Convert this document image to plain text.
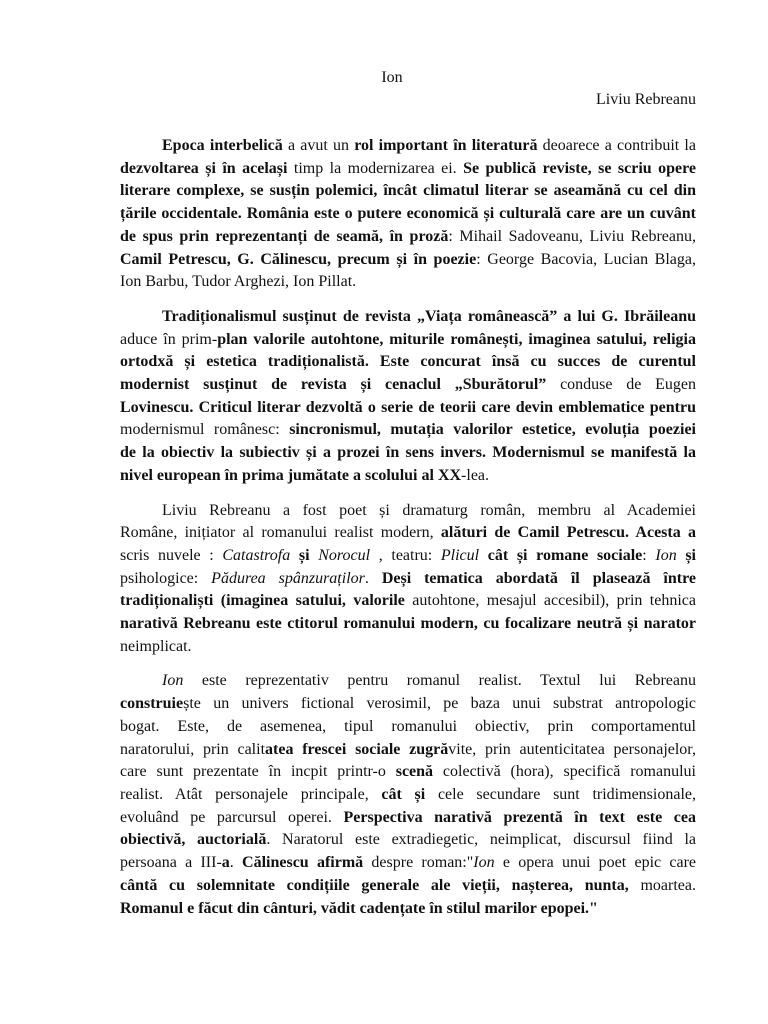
Ion
Liviu Rebreanu
Epoca interbelică a avut un rol important în literatură deoarece a contribuit la
dezvoltarea și în același timp la modernizarea ei. Se publică reviste, se scriu opere
literare complexe, se susțin polemici, încât climatul literar se aseamănă cu cel din
țările occidentale. România este o putere economică și culturală care are un cuvânt
de spus prin reprezentanți de seamă, în proză: Mihail Sadoveanu, Liviu Rebreanu,
Camil Petrescu, G. Călinescu, precum și în poezie: George Bacovia, Lucian Blaga,
Ion Barbu, Tudor Arghezi, Ion Pillat.
Tradiționalismul susținut de revista „Viața românească” a lui G. Ibrăileanu
aduce în prim-plan valorile autohtone, miturile românești, imaginea satului, religia
ortodxă și estetica tradiționalistă. Este concurat însă cu succes de curentul
modernist susținut de revista și cenaclul „Sburătorul” conduse de Eugen
Lovinescu. Criticul literar dezvoltă o serie de teorii care devin emblematice pentru
modernismul românesc: sincronismul, mutația valorilor estetice, evoluția poeziei
de la obiectiv la subiectiv și a prozei în sens invers. Modernismul se manifestă la
nivel european în prima jumătate a scolului al XX-lea.
Liviu Rebreanu a fost poet și dramaturg român, membru al Academiei
Române, inițiator al romanului realist modern, alături de Camil Petrescu. Acesta a
scris nuvele : Catastrofa și Norocul , teatru: Plicul cât și romane sociale: Ion și
psihologice: Pădurea spânzuraților. Deși tematica abordată îl plasează între
tradiționaliști (imaginea satului, valorile autohtone, mesajul accesibil), prin tehnica
narativă Rebreanu este ctitorul romanului modern, cu focalizare neutră și narator
neimplicat.
Ion este reprezentativ pentru romanul realist. Textul lui Rebreanu
construiește un univers fictional verosimil, pe baza unui substrat antropologic
bogat. Este, de asemenea, tipul romanului obiectiv, prin comportamentul
naratorului, prin calitatea frescei sociale zugrăvite, prin autenticitatea personajelor,
care sunt prezentate în incpit printr-o scenă colectivă (hora), specifică romanului
realist. Atât personajele principale, cât și cele secundare sunt tridimensionale,
evoluând pe parcursul operei. Perspectiva narativă prezentă în text este cea
obiectivă, auctorială. Naratorul este extradiegetic, neimplicat, discursul fiind la
persoana a III-a. Călinescu afirmă despre roman:"Ion e opera unui poet epic care
cântă cu solemnitate condițiile generale ale vieții, nașterea, nunta, moartea.
Romanul e făcut din cânturi, vădit cadențate în stilul marilor epopei."
